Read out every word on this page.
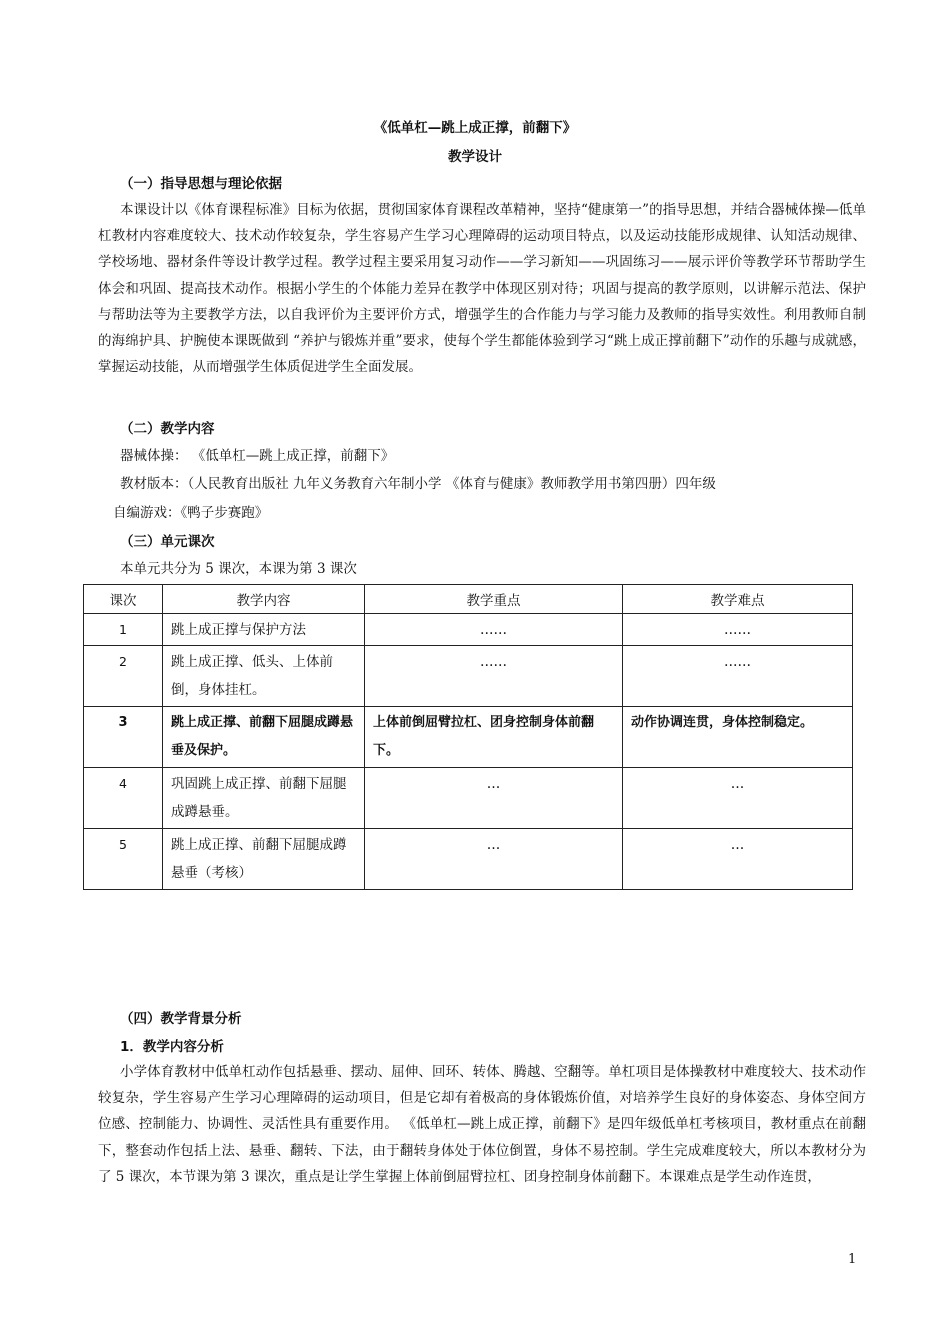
《低单杠—跳上成正撑，前翻下》
教学设计
（一）指导思想与理论依据
本课设计以《体育课程标准》目标为依据，贯彻国家体育课程改革精神，坚持“健康第一”的指导思想，并结合器械体操—低单杠教材内容难度较大、技术动作较复杂，学生容易产生学习心理障碍的运动项目特点，以及运动技能形成规律、认知活动规律、学校场地、器材条件等设计教学过程。教学过程主要采用复习动作——学习新知——巩固练习——展示评价等教学环节帮助学生体会和巩固、提高技术动作。根据小学生的个体能力差异在教学中体现区别对待；巩固与提高的教学原则，以讲解示范法、保护与帮助法等为主要教学方法，以自我评价为主要评价方式，增强学生的合作能力与学习能力及教师的指导实效性。利用教师自制的海绵护具、护腕使本课既做到 “养护与锻炼并重”要求，使每个学生都能体验到学习“跳上成正撑前翻下”动作的乐趣与成就感，掌握运动技能，从而增强学生体质促进学生全面发展。
（二）教学内容
器械体操： 《低单杠—跳上成正撑，前翻下》
教材版本：（人民教育出版社 九年义务教育六年制小学 《体育与健康》教师教学用书第四册）四年级
自编游戏：《鸭子步赛跑》
（三）单元课次
本单元共分为 5 课次，本课为第 3 课次
课次	教学内容	教学重点	教学难点
1	跳上成正撑与保护方法	……	……
2	跳上成正撑、低头、上体前倒，身体挂杠。	……	……
3	跳上成正撑、前翻下屈腿成蹲悬垂及保护。	上体前倒屈臂拉杠、团身控制身体前翻下。	动作协调连贯，身体控制稳定。
4	巩固跳上成正撑、前翻下屈腿成蹲悬垂。	…	…
5	跳上成正撑、前翻下屈腿成蹲悬垂（考核）	…	…
（四）教学背景分析
1．教学内容分析
小学体育教材中低单杠动作包括悬垂、摆动、屈伸、回环、转体、腾越、空翻等。单杠项目是体操教材中难度较大、技术动作较复杂，学生容易产生学习心理障碍的运动项目，但是它却有着极高的身体锻炼价值，对培养学生良好的身体姿态、身体空间方位感、控制能力、协调性、灵活性具有重要作用。 《低单杠—跳上成正撑，前翻下》是四年级低单杠考核项目，教材重点在前翻下，整套动作包括上法、悬垂、翻转、下法，由于翻转身体处于体位倒置，身体不易控制。学生完成难度较大，所以本教材分为了 5 课次，本节课为第 3 课次，重点是让学生掌握上体前倒屈臂拉杠、团身控制身体前翻下。本课难点是学生动作连贯，
1
